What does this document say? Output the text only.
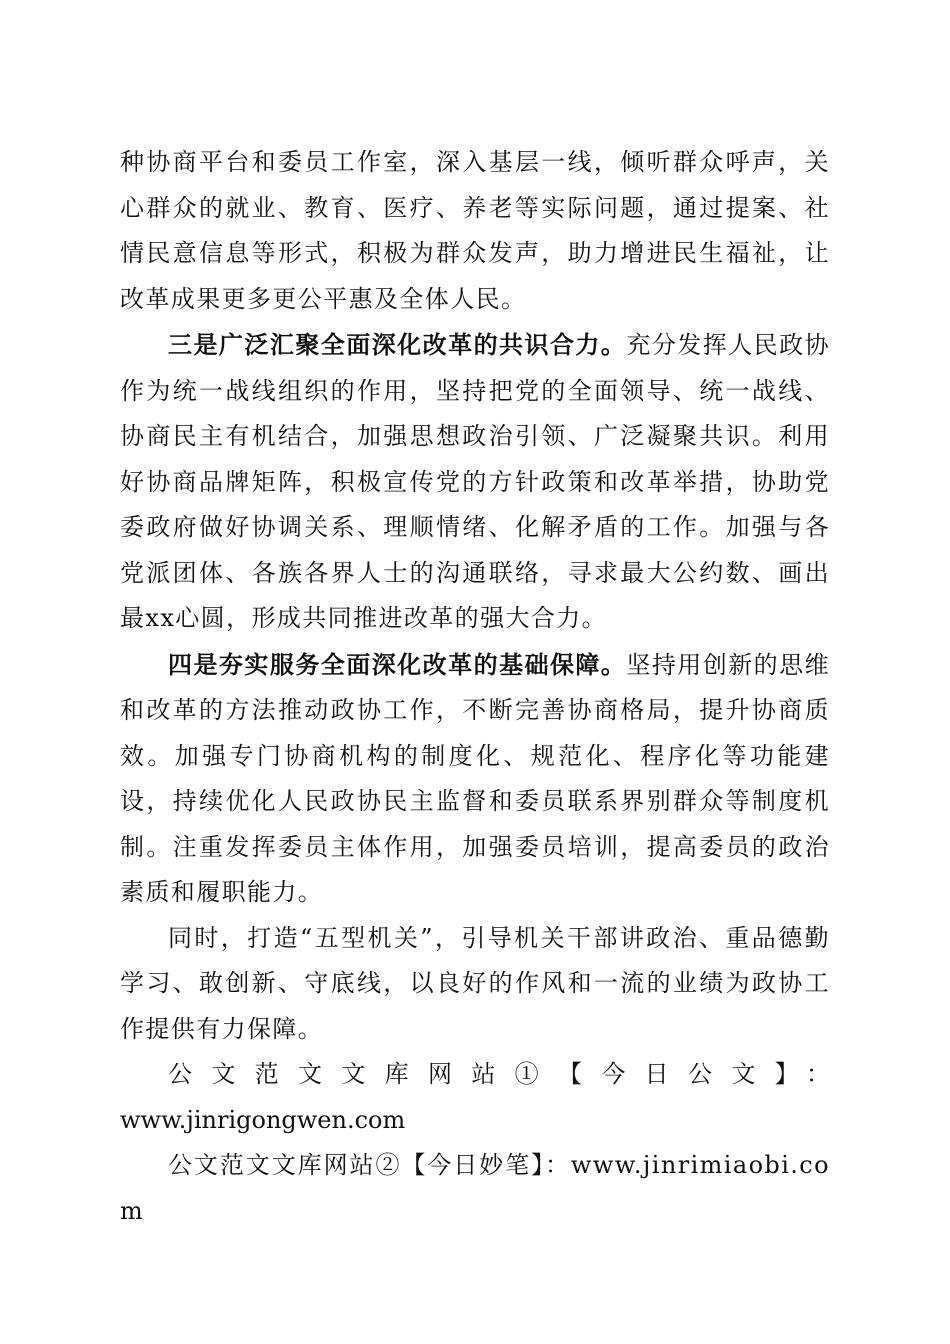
种协商平台和委员工作室，深入基层一线，倾听群众呼声，关心群众的就业、教育、医疗、养老等实际问题，通过提案、社情民意信息等形式，积极为群众发声，助力增进民生福祉，让改革成果更多更公平惠及全体人民。

三是广泛汇聚全面深化改革的共识合力。充分发挥人民政协作为统一战线组织的作用，坚持把党的全面领导、统一战线、协商民主有机结合，加强思想政治引领、广泛凝聚共识。利用好协商品牌矩阵，积极宣传党的方针政策和改革举措，协助党委政府做好协调关系、理顺情绪、化解矛盾的工作。加强与各党派团体、各族各界人士的沟通联络，寻求最大公约数、画出最xx心圆，形成共同推进改革的强大合力。

四是夯实服务全面深化改革的基础保障。坚持用创新的思维和改革的方法推动政协工作，不断完善协商格局，提升协商质效。加强专门协商机构的制度化、规范化、程序化等功能建设，持续优化人民政协民主监督和委员联系界别群众等制度机制。注重发挥委员主体作用，加强委员培训，提高委员的政治素质和履职能力。

同时，打造“五型机关”，引导机关干部讲政治、重品德勤学习、敢创新、守底线，以良好的作风和一流的业绩为政协工作提供有力保障。

公文范文文库网站①【今日公文】：
www.jinrigongwen.com

公文范文文库网站②【今日妙笔】：www.jinrimiaobi.com
